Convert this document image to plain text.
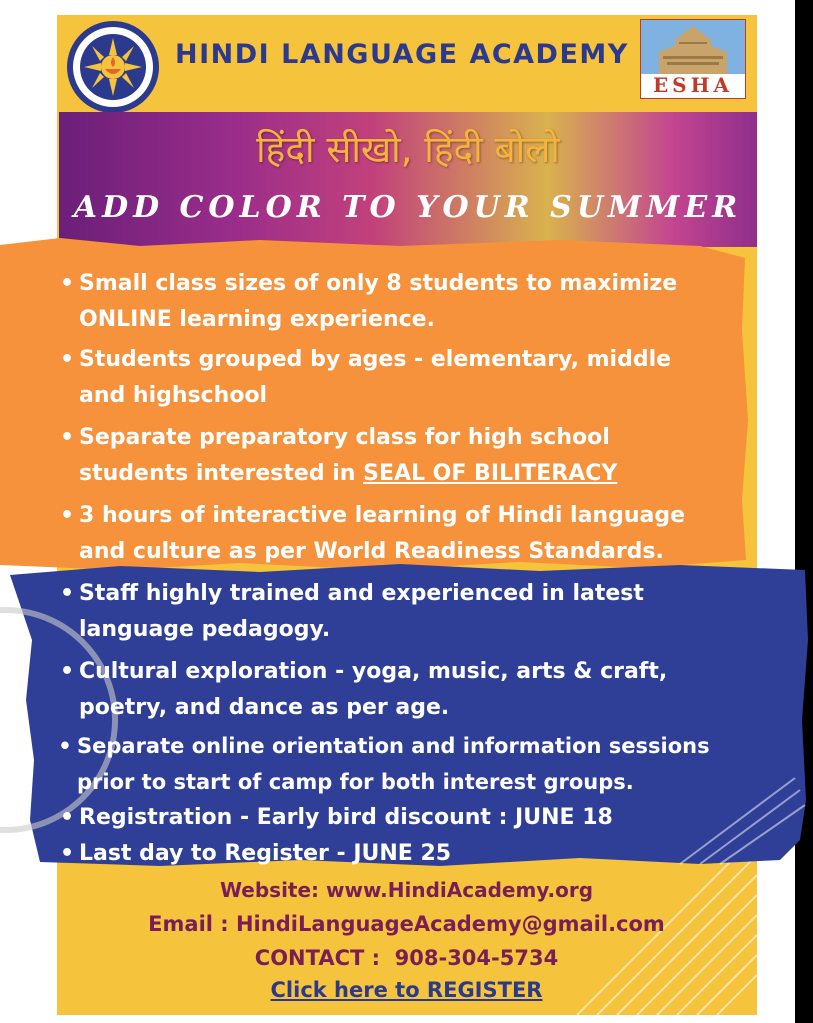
HINDI LANGUAGE ACADEMY
ESHA
हिंदी सीखो, हिंदी बोलो
ADD COLOR TO YOUR SUMMER
• Small class sizes of only 8 students to maximize
ONLINE learning experience.
• Students grouped by ages - elementary, middle
and highschool
• Separate preparatory class for high school
students interested in SEAL OF BILITERACY
• 3 hours of interactive learning of Hindi language
and culture as per World Readiness Standards.
• Staff highly trained and experienced in latest
language pedagogy.
• Cultural exploration - yoga, music, arts & craft,
poetry, and dance as per age.
• Separate online orientation and information sessions
prior to start of camp for both interest groups.
• Registration - Early bird discount : JUNE 18
• Last day to Register - JUNE 25
Website: www.HindiAcademy.org
Email : HindiLanguageAcademy@gmail.com
CONTACT : 908-304-5734
Click here to REGISTER
